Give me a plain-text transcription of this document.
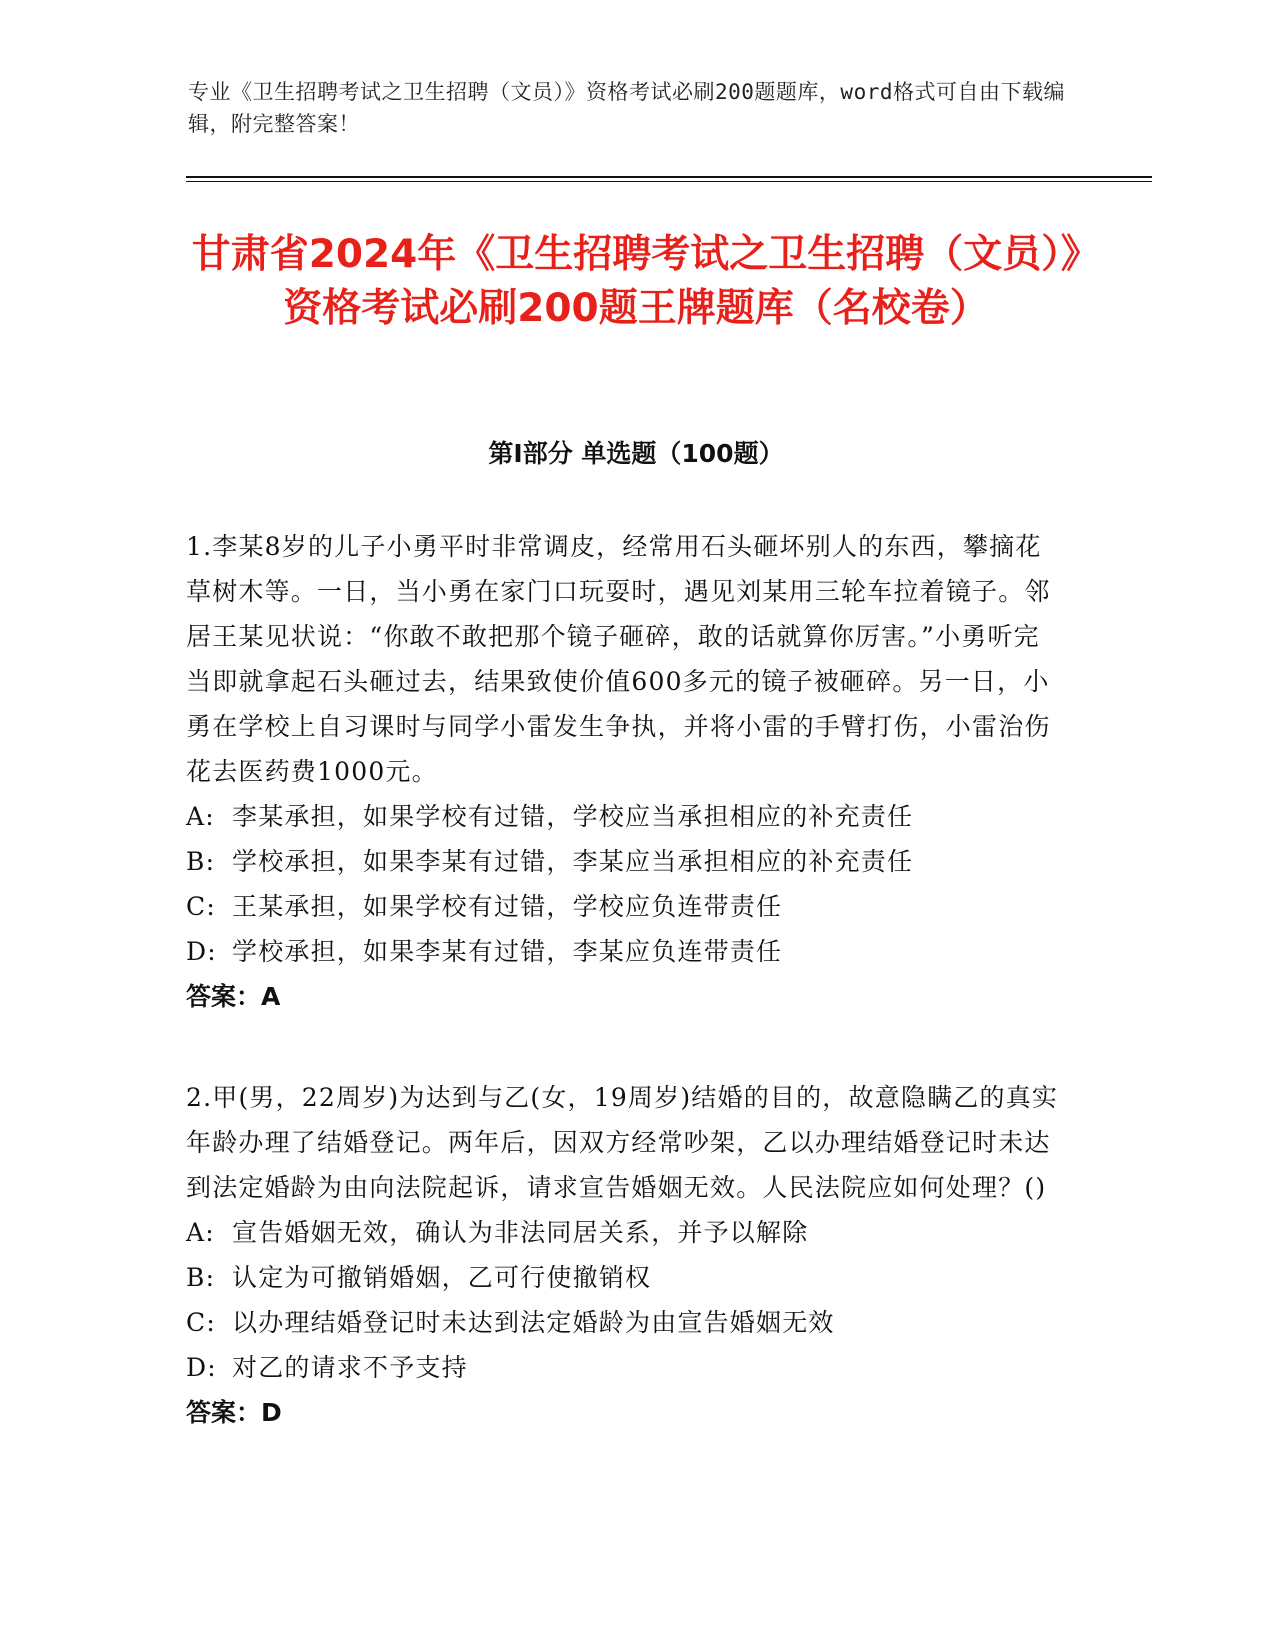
专业《卫生招聘考试之卫生招聘（文员）》资格考试必刷200题题库，word格式可自由下载编辑，附完整答案！
甘肃省2024年《卫生招聘考试之卫生招聘（文员）》资格考试必刷200题王牌题库（名校卷）
第I部分 单选题（100题）

1.李某8岁的儿子小勇平时非常调皮，经常用石头砸坏别人的东西，攀摘花草树木等。一日，当小勇在家门口玩耍时，遇见刘某用三轮车拉着镜子。邻居王某见状说：“你敢不敢把那个镜子砸碎，敢的话就算你厉害。”小勇听完当即就拿起石头砸过去，结果致使价值600多元的镜子被砸碎。另一日，小勇在学校上自习课时与同学小雷发生争执，并将小雷的手臂打伤，小雷治伤花去医药费1000元。

A: 李某承担，如果学校有过错，学校应当承担相应的补充责任

B: 学校承担，如果李某有过错，李某应当承担相应的补充责任

C: 王某承担，如果学校有过错，学校应负连带责任

D: 学校承担，如果李某有过错，李某应负连带责任

答案：A

2.甲(男，22周岁)为达到与乙(女，19周岁)结婚的目的，故意隐瞒乙的真实年龄办理了结婚登记。两年后，因双方经常吵架，乙以办理结婚登记时未达到法定婚龄为由向法院起诉，请求宣告婚姻无效。人民法院应如何处理？()

A: 宣告婚姻无效，确认为非法同居关系，并予以解除

B: 认定为可撤销婚姻，乙可行使撤销权

C: 以办理结婚登记时未达到法定婚龄为由宣告婚姻无效

D: 对乙的请求不予支持

答案：D
